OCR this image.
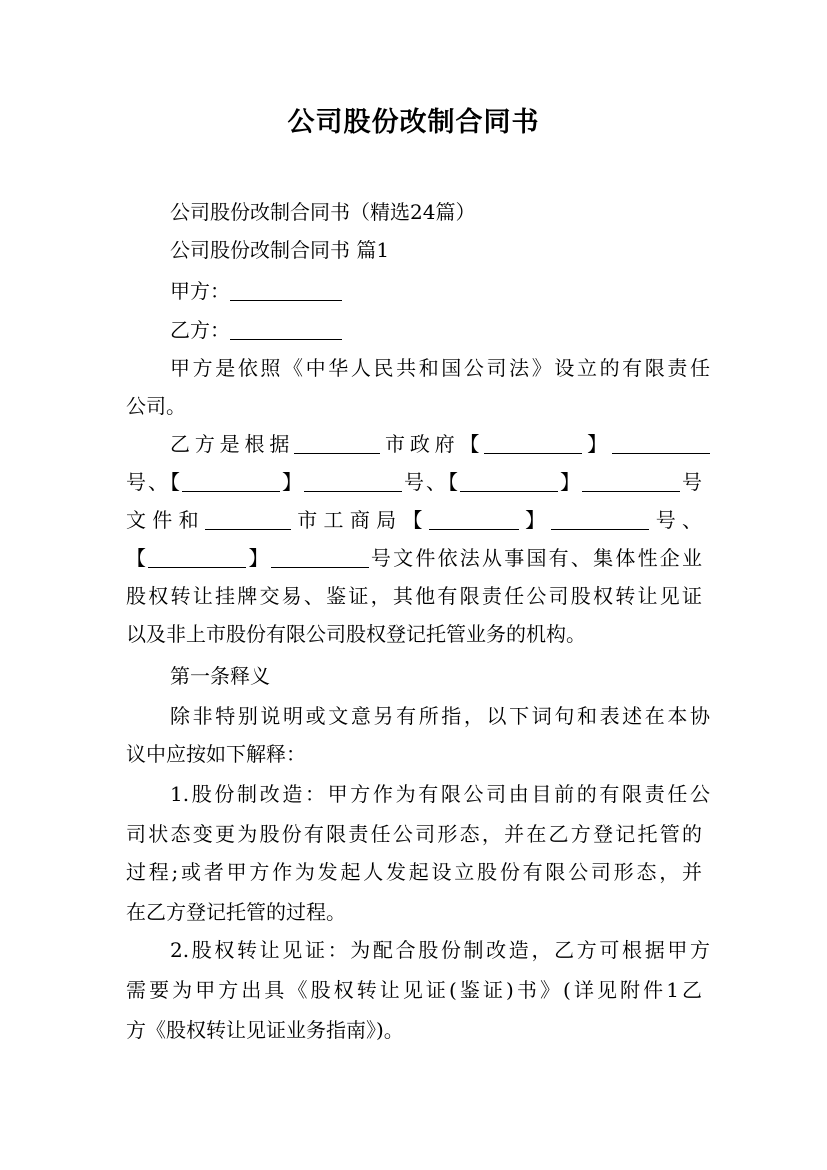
公司股份改制合同书
公司股份改制合同书（精选24篇）
公司股份改制合同书 篇1
甲方：
乙方：
甲方是依照《中华人民共和国公司法》设立的有限责任
公司。
乙方是根据	市政府【	】
号、【	】	号、【	】	号
文件和	市工商局【	】	号、
【	】	号文件依法从事国有、集体性企业
股权转让挂牌交易、鉴证，其他有限责任公司股权转让见证
以及非上市股份有限公司股权登记托管业务的机构。
第一条释义
除非特别说明或文意另有所指，以下词句和表述在本协
议中应按如下解释：
1.股份制改造：甲方作为有限公司由目前的有限责任公
司状态变更为股份有限责任公司形态，并在乙方登记托管的
过程;或者甲方作为发起人发起设立股份有限公司形态，并
在乙方登记托管的过程。
2.股权转让见证：为配合股份制改造，乙方可根据甲方
需要为甲方出具《股权转让见证(鉴证)书》(详见附件1乙
方《股权转让见证业务指南》)。
